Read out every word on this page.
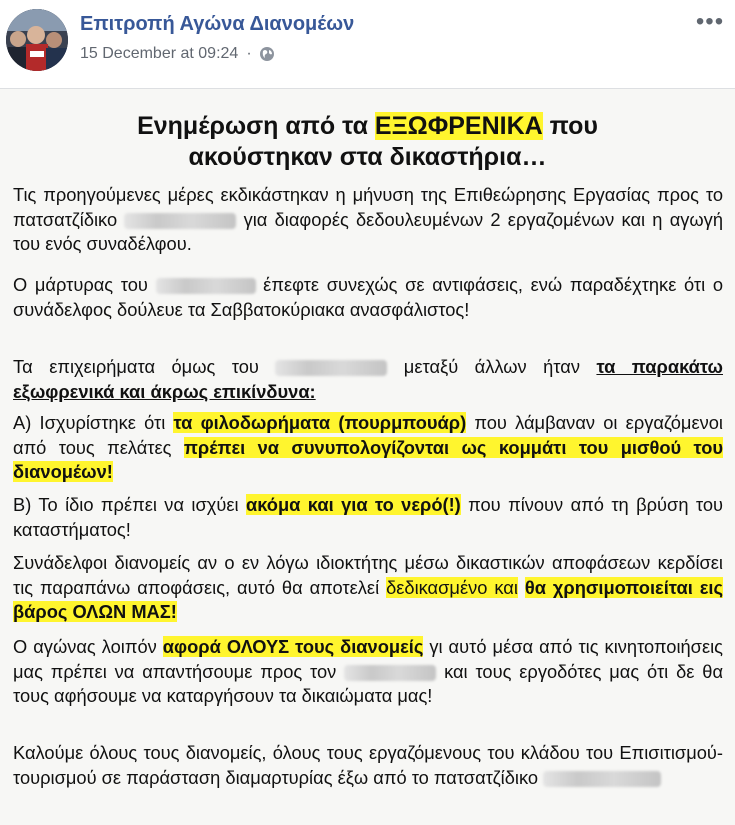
Επιτροπή Αγώνα Διανομέων
15 December at 09:24 ·
•••
Ενημέρωση από τα ΕΞΩΦΡΕΝΙΚΑ που
ακούστηκαν στα δικαστήρια…
Τις προηγούμενες μέρες εκδικάστηκαν η μήνυση της Επιθεώρησης Εργασίας προς το πατσατζίδικο	για διαφορές δεδουλευμένων 2 εργαζομένων και η αγωγή του ενός συναδέλφου.
Ο μάρτυρας του	έπεφτε συνεχώς σε αντιφάσεις, ενώ παραδέχτηκε ότι ο συνάδελφος δούλευε τα Σαββατοκύριακα ανασφάλιστος!
Τα επιχειρήματα όμως του	μεταξύ άλλων ήταν τα παρακάτω εξωφρενικά και άκρως επικίνδυνα:
Α) Ισχυρίστηκε ότι τα φιλοδωρήματα (πουρμπουάρ) που λάμβαναν οι εργαζόμενοι από τους πελάτες πρέπει να συνυπολογίζονται ως κομμάτι του μισθού του διανομέων!
Β) Το ίδιο πρέπει να ισχύει ακόμα και για το νερό(!) που πίνουν από τη βρύση του καταστήματος!
Συνάδελφοι διανομείς αν ο εν λόγω ιδιοκτήτης μέσω δικαστικών αποφάσεων κερδίσει τις παραπάνω αποφάσεις, αυτό θα αποτελεί δεδικασμένο και θα χρησιμοποιείται εις βάρος ΟΛΩΝ ΜΑΣ!
Ο αγώνας λοιπόν αφορά ΟΛΟΥΣ τους διανομείς γι αυτό μέσα από τις κινητοποιήσεις μας πρέπει να απαντήσουμε προς τον	και τους εργοδότες μας ότι δε θα τους αφήσουμε να καταργήσουν τα δικαιώματα μας!
Καλούμε όλους τους διανομείς, όλους τους εργαζόμενους του κλάδου του Επισιτισμού-τουρισμού σε παράσταση διαμαρτυρίας έξω από το πατσατζίδικο
